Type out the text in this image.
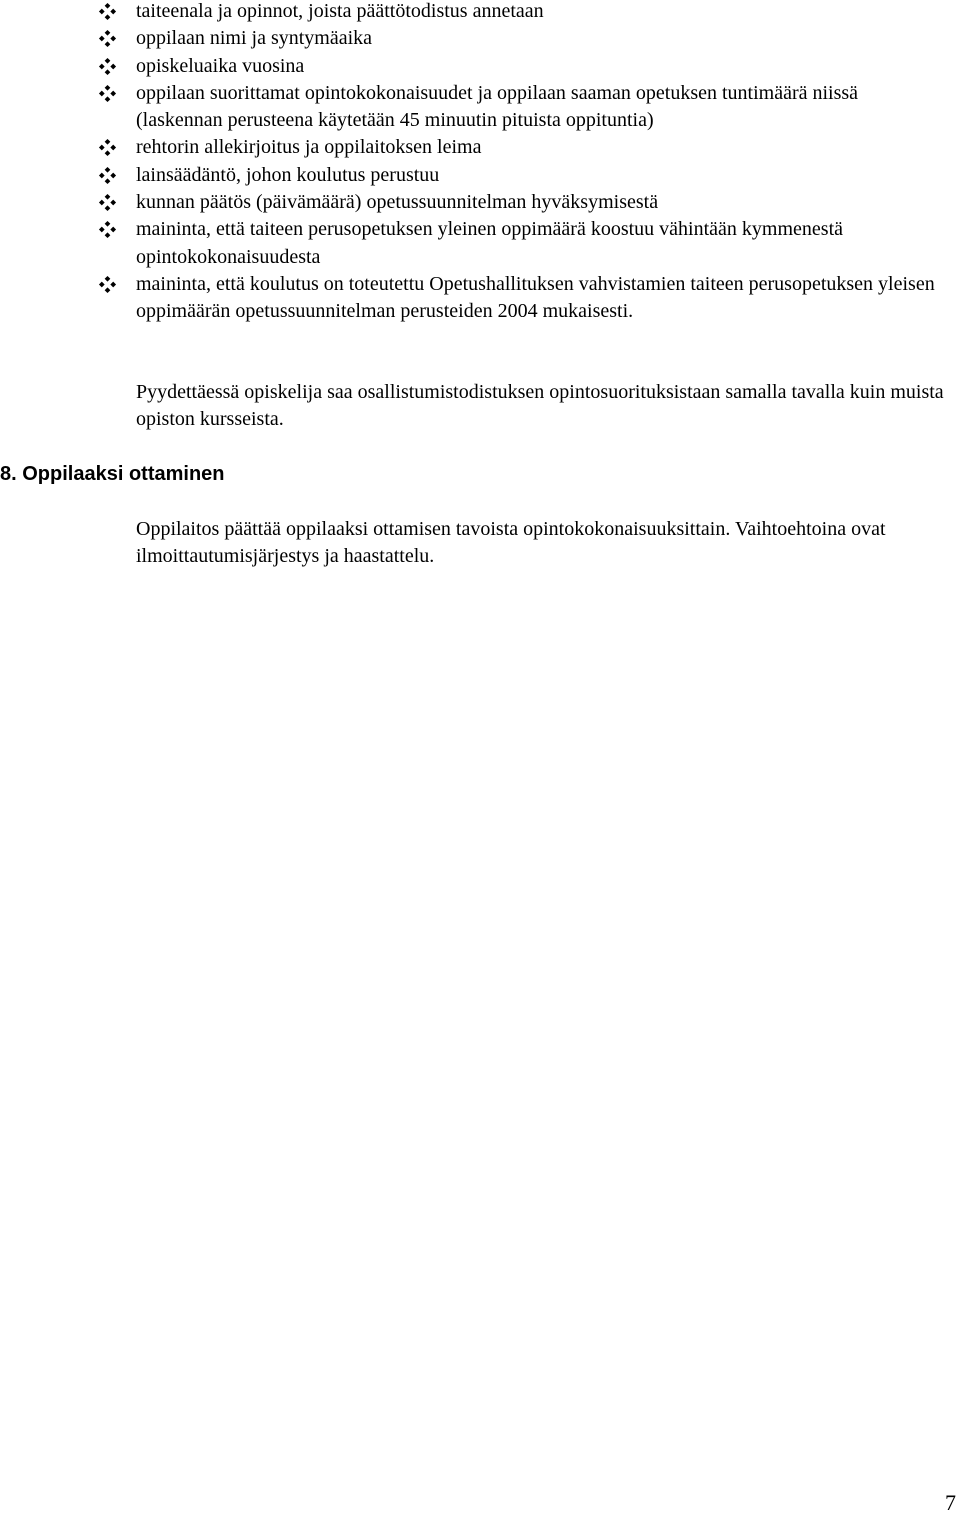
taiteenala ja opinnot, joista päättötodistus annetaan
oppilaan nimi ja syntymäaika
opiskeluaika vuosina
oppilaan suorittamat opintokokonaisuudet ja oppilaan saaman opetuksen tuntimäärä niissä (laskennan perusteena käytetään 45 minuutin pituista oppituntia)
rehtorin allekirjoitus ja oppilaitoksen leima
lainsäädäntö, johon koulutus perustuu
kunnan päätös (päivämäärä) opetussuunnitelman hyväksymisestä
maininta, että taiteen perusopetuksen yleinen oppimäärä koostuu vähintään kymmenestä opintokokonaisuudesta
maininta, että koulutus on toteutettu Opetushallituksen vahvistamien taiteen perusopetuksen yleisen oppimäärän opetussuunnitelman perusteiden 2004 mukaisesti.

Pyydettäessä opiskelija saa osallistumistodistuksen opintosuorituksistaan samalla tavalla kuin muista opiston kursseista.

8. Oppilaaksi ottaminen

Oppilaitos päättää oppilaaksi ottamisen tavoista opintokokonaisuuksittain. Vaihtoehtoina ovat ilmoittautumisjärjestys ja haastattelu.

7
